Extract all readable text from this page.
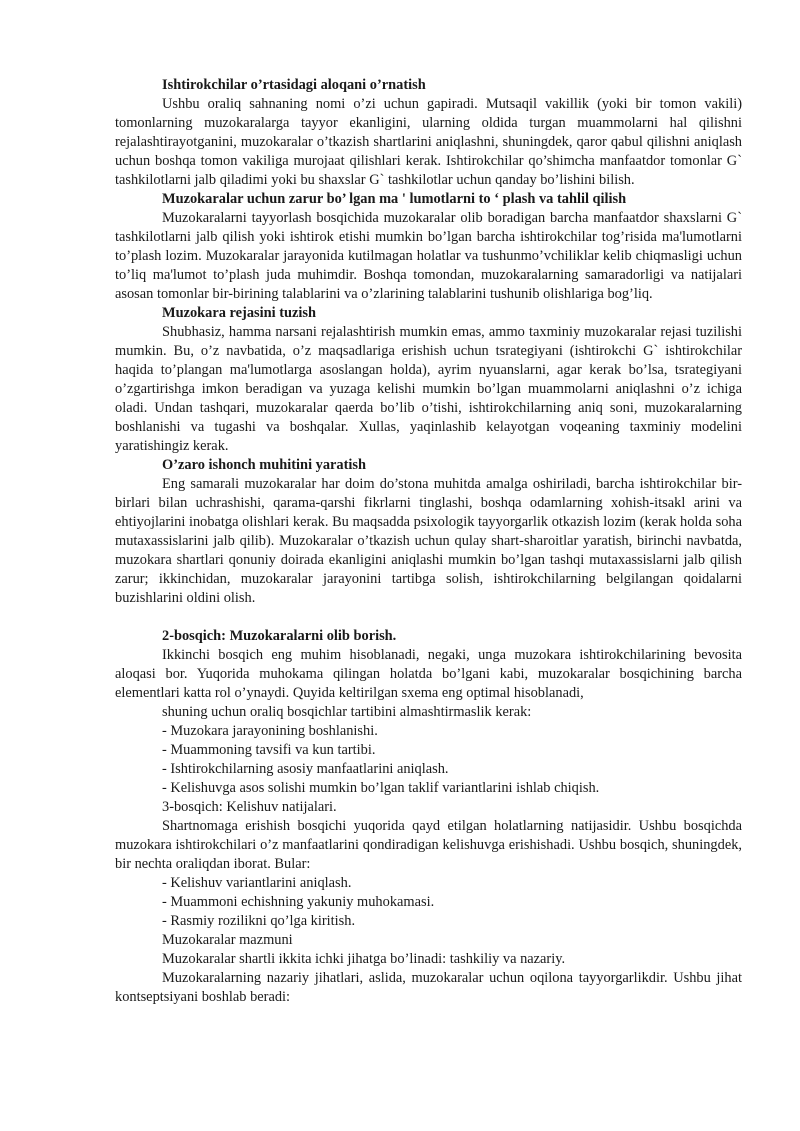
Ishtirokchilar o’rtasidagi aloqani o’rnatish

Ushbu oraliq sahnaning nomi o’zi uchun gapiradi. Mutsaqil vakillik (yoki bir tomon vakili) tomonlarning muzokaralarga tayyor ekanligini, ularning oldida turgan muammolarni hal qilishni rejalashtirayotganini, muzokaralar o’tkazish shartlarini aniqlashni, shuningdek, qaror qabul qilishni aniqlash uchun boshqa tomon vakiliga murojaat qilishlari kerak. Ishtirokchilar qo’shimcha manfaatdor tomonlar G` tashkilotlarni jalb qiladimi yoki bu shaxslar G` tashkilotlar uchun qanday bo’lishini bilish.

Muzokaralar uchun zarur bo’ lgan ma ' lumotlarni to ‘ plash va tahlil qilish

Muzokaralarni tayyorlash bosqichida muzokaralar olib boradigan barcha manfaatdor shaxslarni G` tashkilotlarni jalb qilish yoki ishtirok etishi mumkin bo’lgan barcha ishtirokchilar tog’risida ma'lumotlarni to’plash lozim. Muzokaralar jarayonida kutilmagan holatlar va tushunmo’vchiliklar kelib chiqmasligi uchun to’liq ma'lumot to’plash juda muhimdir. Boshqa tomondan, muzokaralarning samaradorligi va natijalari asosan tomonlar bir-birining talablarini va o’zlarining talablarini tushunib olishlariga bog’liq.

Muzokara rejasini tuzish

Shubhasiz, hamma narsani rejalashtirish mumkin emas, ammo taxminiy muzokaralar rejasi tuzilishi mumkin. Bu, o’z navbatida, o’z maqsadlariga erishish uchun tsrategiyani (ishtirokchi G` ishtirokchilar haqida to’plangan ma'lumotlarga asoslangan holda), ayrim nyuanslarni, agar kerak bo’lsa, tsrategiyani o’zgartirishga imkon beradigan va yuzaga kelishi mumkin bo’lgan muammolarni aniqlashni o’z ichiga oladi. Undan tashqari, muzokaralar qaerda bo’lib o’tishi, ishtirokchilarning aniq soni, muzokaralarning boshlanishi va tugashi va boshqalar. Xullas, yaqinlashib kelayotgan voqeaning taxminiy modelini yaratishingiz kerak.

O’zaro ishonch muhitini yaratish

Eng samarali muzokaralar har doim do’stona muhitda amalga oshiriladi, barcha ishtirokchilar bir-birlari bilan uchrashishi, qarama-qarshi fikrlarni tinglashi, boshqa odamlarning xohish-itsakl arini va ehtiyojlarini inobatga olishlari kerak. Bu maqsadda psixologik tayyorgarlik otkazish lozim (kerak holda soha mutaxassislarini jalb qilib). Muzokaralar o’tkazish uchun qulay shart-sharoitlar yaratish, birinchi navbatda, muzokara shartlari qonuniy doirada ekanligini aniqlashi mumkin bo’lgan tashqi mutaxassislarni jalb qilish zarur; ikkinchidan, muzokaralar jarayonini tartibga solish, ishtirokchilarning belgilangan qoidalarni buzishlarini oldini olish.

2-bosqich: Muzokaralarni olib borish.

Ikkinchi bosqich eng muhim hisoblanadi, negaki, unga muzokara ishtirokchilarining bevosita aloqasi bor. Yuqorida muhokama qilingan holatda bo’lgani kabi, muzokaralar bosqichining barcha elementlari katta rol o’ynaydi. Quyida keltirilgan sxema eng optimal hisoblanadi,

shuning uchun oraliq bosqichlar tartibini almashtirmaslik kerak:

- Muzokara jarayonining boshlanishi.

- Muammoning tavsifi va kun tartibi.

- Ishtirokchilarning asosiy manfaatlarini aniqlash.

- Kelishuvga asos solishi mumkin bo’lgan taklif variantlarini ishlab chiqish.

3-bosqich: Kelishuv natijalari.

Shartnomaga erishish bosqichi yuqorida qayd etilgan holatlarning natijasidir. Ushbu bosqichda muzokara ishtirokchilari o’z manfaatlarini qondiradigan kelishuvga erishishadi. Ushbu bosqich, shuningdek, bir nechta oraliqdan iborat. Bular:

- Kelishuv variantlarini aniqlash.

- Muammoni echishning yakuniy muhokamasi.

- Rasmiy rozilikni qo’lga kiritish.

Muzokaralar mazmuni

Muzokaralar shartli ikkita ichki jihatga bo’linadi: tashkiliy va nazariy.

Muzokaralarning nazariy jihatlari, aslida, muzokaralar uchun oqilona tayyorgarlikdir. Ushbu jihat kontseptsiyani boshlab beradi:
